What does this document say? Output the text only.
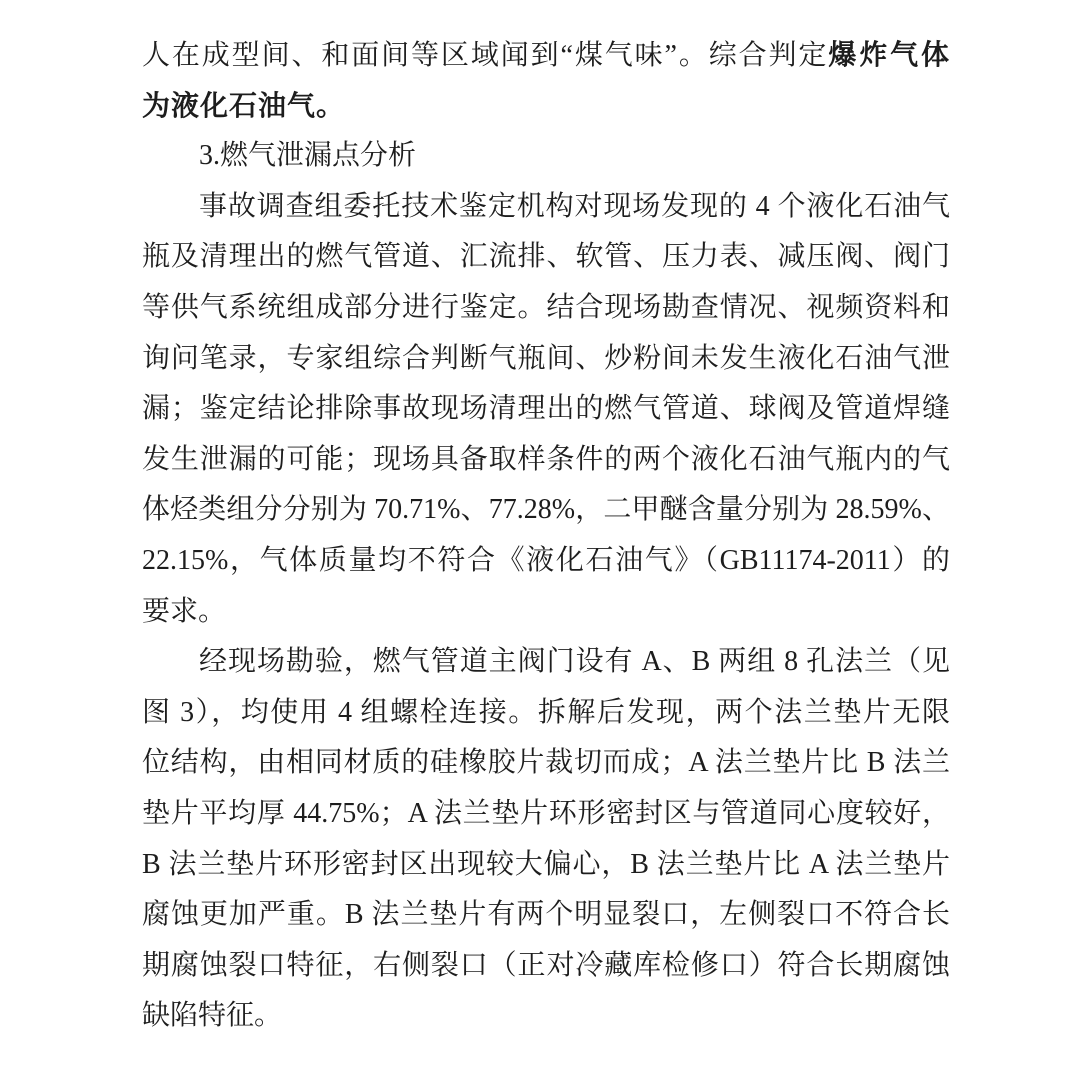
人在成型间、和面间等区域闻到“煤气味”。综合判定爆炸气体
为液化石油气。
3.燃气泄漏点分析
事故调查组委托技术鉴定机构对现场发现的 4 个液化石油气
瓶及清理出的燃气管道、汇流排、软管、压力表、减压阀、阀门
等供气系统组成部分进行鉴定。结合现场勘查情况、视频资料和
询问笔录，专家组综合判断气瓶间、炒粉间未发生液化石油气泄
漏；鉴定结论排除事故现场清理出的燃气管道、球阀及管道焊缝
发生泄漏的可能；现场具备取样条件的两个液化石油气瓶内的气
体烃类组分分别为 70.71%、77.28%，二甲醚含量分别为 28.59%、
22.15%，气体质量均不符合《液化石油气》（GB11174-2011）的
要求。
经现场勘验，燃气管道主阀门设有 A、B 两组 8 孔法兰（见
图 3），均使用 4 组螺栓连接。拆解后发现，两个法兰垫片无限
位结构，由相同材质的硅橡胶片裁切而成；A 法兰垫片比 B 法兰
垫片平均厚 44.75%；A 法兰垫片环形密封区与管道同心度较好，
B 法兰垫片环形密封区出现较大偏心，B 法兰垫片比 A 法兰垫片
腐蚀更加严重。B 法兰垫片有两个明显裂口，左侧裂口不符合长
期腐蚀裂口特征，右侧裂口（正对冷藏库检修口）符合长期腐蚀
缺陷特征。
